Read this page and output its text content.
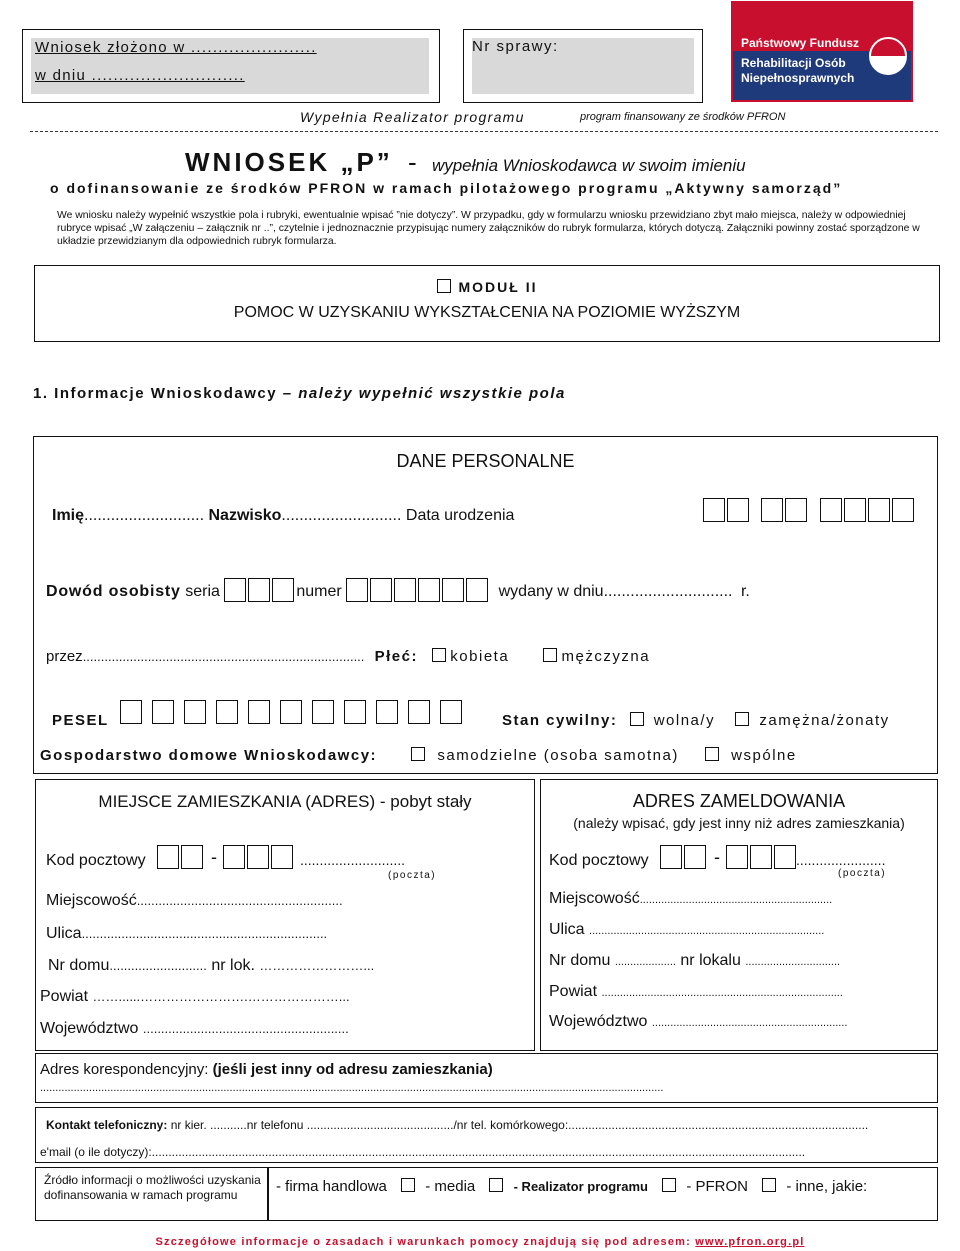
Wniosek złożono w .......................
w dniu ............................
Nr sprawy:	Państwowy Fundusz
Rehabilitacji Osób
Niepełnosprawnych
Wypełnia Realizator programu	program finansowany ze środków PFRON
WNIOSEK „P” - wypełnia Wnioskodawca w swoim imieniu
o dofinansowanie ze środków PFRON w ramach pilotażowego programu „Aktywny samorząd”
We wniosku należy wypełnić wszystkie pola i rubryki, ewentualnie wpisać ”nie dotyczy”. W przypadku, gdy w formularzu wniosku przewidziano zbyt mało miejsca, należy w odpowiedniej rubryce wpisać „W załączeniu – załącznik nr ..”, czytelnie i jednoznacznie przypisując numery załączników do rubryk formularza, których dotyczą. Załączniki powinny zostać sporządzone w układzie przewidzianym dla odpowiednich rubryk formularza.
MODUŁ II
POMOC W UZYSKANIU WYKSZTAŁCENIA NA POZIOMIE WYŻSZYM
1. Informacje Wnioskodawcy – należy wypełnić wszystkie pola
DANE PERSONALNE
Imię........................... Nazwisko........................... Data urodzenia

Dowód osobisty seria	numer	wydany w dniu............................. r.
przez.............................................................................. Płeć: kobieta	mężczyzna
PESEL	Stan cywilny: wolna/y	zamężna/żonaty
Gospodarstwo domowe Wnioskodawcy:	samodzielne (osoba samotna)	wspólne
MIEJSCE ZAMIESZKANIA (ADRES) - pobyt stały
Kod pocztowy	-	...........................
(poczta)
Miejscowość.........................................................
Ulica....................................................................
Nr domu........................... nr lok. ……………………...
Powiat ……......…………………….…………………...
Województwo .........................................................
ADRES ZAMELDOWANIA
(należy wpisać, gdy jest inny niż adres zamieszkania)
Kod pocztowy	-	.......................
(poczta)
Miejscowość...............................................................
Ulica .............................................................................
Nr domu .................... nr lokalu ...............................
Powiat ...............................................................................
Województwo ................................................................
Adres korespondencyjny: (jeśli jest inny od adresu zamieszkania)
............................................................................................................................................................................................................
Kontakt telefoniczny: nr kier. ...........nr telefonu ............................................/nr tel. komórkowego:..........................................................................................
e'mail (o ile dotyczy):....................................................................................................................................................................................................
Źródło informacji o możliwości uzyskania dofinansowania w ramach programu	- firma handlowa	- media	- Realizator programu	- PFRON	- inne, jakie:
Szczegółowe informacje o zasadach i warunkach pomocy znajdują się pod adresem: www.pfron.org.pl
